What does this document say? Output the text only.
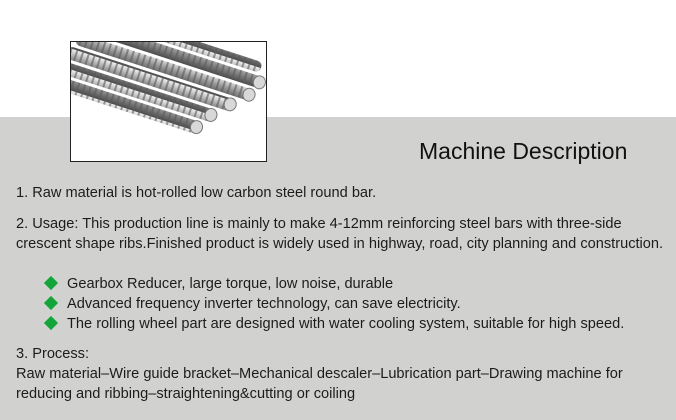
Machine Description

1. Raw material is hot-rolled low carbon steel round bar.

2. Usage: This production line is mainly to make 4-12mm reinforcing steel bars with three-side crescent shape ribs.Finished product is widely used in highway, road, city planning and construction.

Gearbox Reducer, large torque, low noise, durable
Advanced frequency inverter technology, can save electricity.
The rolling wheel part are designed with water cooling system, suitable for high speed.

3. Process:

Raw material–Wire guide bracket–Mechanical descaler–Lubrication part–Drawing machine for reducing and ribbing–straightening&cutting or coiling
